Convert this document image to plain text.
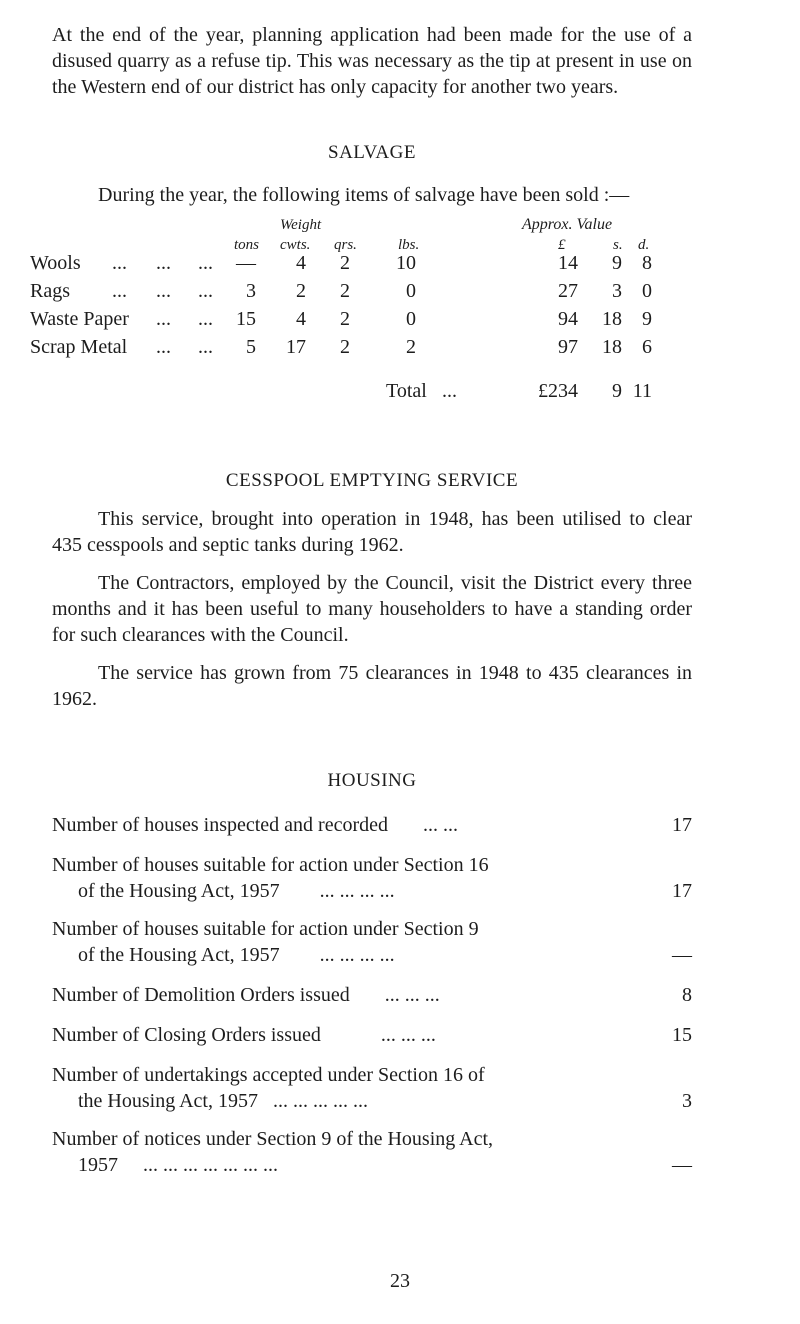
At the end of the year, planning application had been made for the use of a disused quarry as a refuse tip. This was necessary as the tip at present in use on the Western end of our district has only capacity for another two years.

SALVAGE

During the year, the following items of salvage have been sold :—

Weight	Approx. Value
tons cwts. qrs.	lbs.	£	s. d.
Wools ... ... ...	—	4	2	10	14	9	8
Rags ... ... ...	3	2	2	0	27	3	0
Waste Paper ... ...	15	4	2	0	94	18	9
Scrap Metal ... ...	5	17	2	2	97	18	6
Total ...	£234	9 11

CESSPOOL EMPTYING SERVICE

This service, brought into operation in 1948, has been utilised to clear 435 cesspools and septic tanks during 1962.

The Contractors, employed by the Council, visit the District every three months and it has been useful to many householders to have a standing order for such clearances with the Council.

The service has grown from 75 clearances in 1948 to 435 clearances in 1962.

HOUSING

Number of houses inspected and recorded ... ...	17
Number of houses suitable for action under Section 16
of the Housing Act, 1957 ... ... ... ...	17
Number of houses suitable for action under Section 9
of the Housing Act, 1957 ... ... ... ...	—
Number of Demolition Orders issued ... ... ...	8
Number of Closing Orders issued	... ... ...	15
Number of undertakings accepted under Section 16 of
the Housing Act, 1957 ... ... ... ... ...	3
Number of notices under Section 9 of the Housing Act,
1957 ... ... ... ... ... ... ...	—
23
